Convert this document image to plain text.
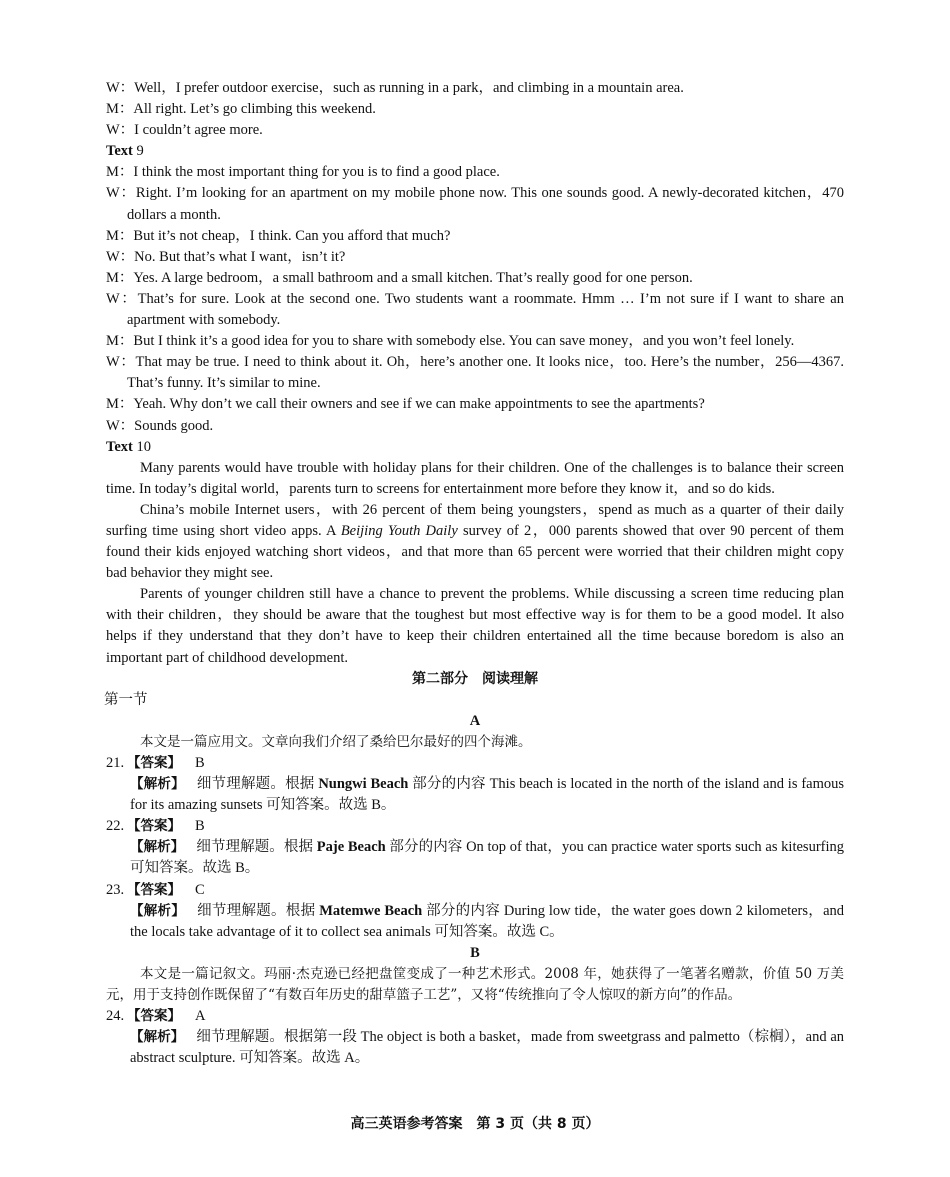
W：Well，I prefer outdoor exercise，such as running in a park，and climbing in a mountain area.
M：All right. Let’s go climbing this weekend.
W：I couldn’t agree more.
Text 9
M：I think the most important thing for you is to find a good place.
W：Right. I’m looking for an apartment on my mobile phone now. This one sounds good. A newly-decorated kitchen，470 dollars a month.
M：But it’s not cheap，I think. Can you afford that much?
W：No. But that’s what I want，isn’t it?
M：Yes. A large bedroom，a small bathroom and a small kitchen. That’s really good for one person.
W：That’s for sure. Look at the second one. Two students want a roommate. Hmm … I’m not sure if I want to share an apartment with somebody.
M：But I think it’s a good idea for you to share with somebody else. You can save money，and you won’t feel lonely.
W：That may be true. I need to think about it. Oh，here’s another one. It looks nice，too. Here’s the number，256—4367. That’s funny. It’s similar to mine.
M：Yeah. Why don’t we call their owners and see if we can make appointments to see the apartments?
W：Sounds good.
Text 10
Many parents would have trouble with holiday plans for their children. One of the challenges is to balance their screen time. In today’s digital world，parents turn to screens for entertainment more before they know it，and so do kids.
China’s mobile Internet users，with 26 percent of them being youngsters，spend as much as a quarter of their daily surfing time using short video apps. A Beijing Youth Daily survey of 2，000 parents showed that over 90 percent of them found their kids enjoyed watching short videos，and that more than 65 percent were worried that their children might copy bad behavior they might see.
Parents of younger children still have a chance to prevent the problems. While discussing a screen time reducing plan with their children，they should be aware that the toughest but most effective way is for them to be a good model. It also helps if they understand that they don’t have to keep their children entertained all the time because boredom is also an important part of childhood development.
第二部分　阅读理解
第一节
A
本文是一篇应用文。文章向我们介绍了桑给巴尔最好的四个海滩。
21. 【答案】 B
【解析】 细节理解题。根据 Nungwi Beach 部分的内容 This beach is located in the north of the island and is famous for its amazing sunsets 可知答案。故选 B。
22. 【答案】 B
【解析】 细节理解题。根据 Paje Beach 部分的内容 On top of that，you can practice water sports such as kitesurfing 可知答案。故选 B。
23. 【答案】 C
【解析】 细节理解题。根据 Matemwe Beach 部分的内容 During low tide，the water goes down 2 kilometers，and the locals take advantage of it to collect sea animals 可知答案。故选 C。
B
本文是一篇记叙文。玛丽·杰克逊已经把盘筐变成了一种艺术形式。2008 年，她获得了一笔著名赠款，价值 50 万美元，用于支持创作既保留了“有数百年历史的甜草篮子工艺”，又将“传统推向了令人惊叹的新方向”的作品。
24. 【答案】 A
【解析】 细节理解题。根据第一段 The object is both a basket，made from sweetgrass and palmetto（棕榈），and an abstract sculpture. 可知答案。故选 A。
高三英语参考答案　第 3 页（共 8 页）
